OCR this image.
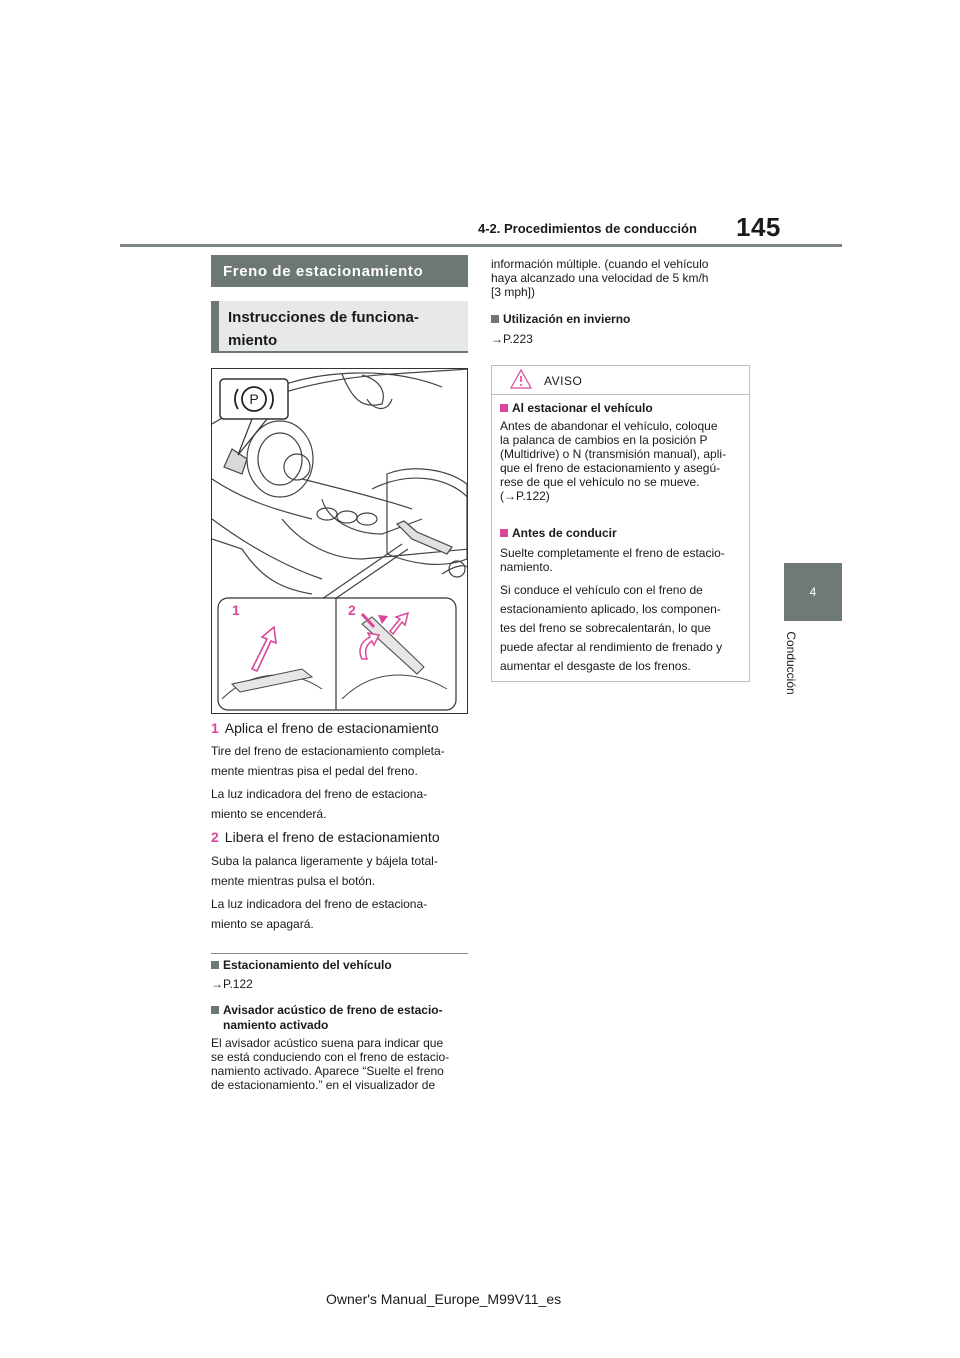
4-2. Procedimientos de conducción 145
4
Conducción
Freno de estacionamiento
Instrucciones de funciona-
miento
P
1	2
1 Aplica el freno de estacionamiento
Tire del freno de estacionamiento completa-
mente mientras pisa el pedal del freno.
La luz indicadora del freno de estaciona-
miento se encenderá.
2 Libera el freno de estacionamiento
Suba la palanca ligeramente y bájela total-
mente mientras pulsa el botón.
La luz indicadora del freno de estaciona-
miento se apagará.
Estacionamiento del vehículo
→P.122
Avisador acústico de freno de estacio-
namiento activado
El avisador acústico suena para indicar que
se está conduciendo con el freno de estacio-
namiento activado. Aparece “Suelte el freno
de estacionamiento.” en el visualizador de
información múltiple. (cuando el vehículo
haya alcanzado una velocidad de 5 km/h
[3 mph])
Utilización en invierno
→P.223
AVISO
Al estacionar el vehículo
Antes de abandonar el vehículo, coloque
la palanca de cambios en la posición P
(Multidrive) o N (transmisión manual), apli-
que el freno de estacionamiento y asegú-
rese de que el vehículo no se mueve.
(→P.122)
Antes de conducir
Suelte completamente el freno de estacio-
namiento.
Si conduce el vehículo con el freno de
estacionamiento aplicado, los componen-
tes del freno se sobrecalentarán, lo que
puede afectar al rendimiento de frenado y
aumentar el desgaste de los frenos.
Owner's Manual_Europe_M99V11_es
